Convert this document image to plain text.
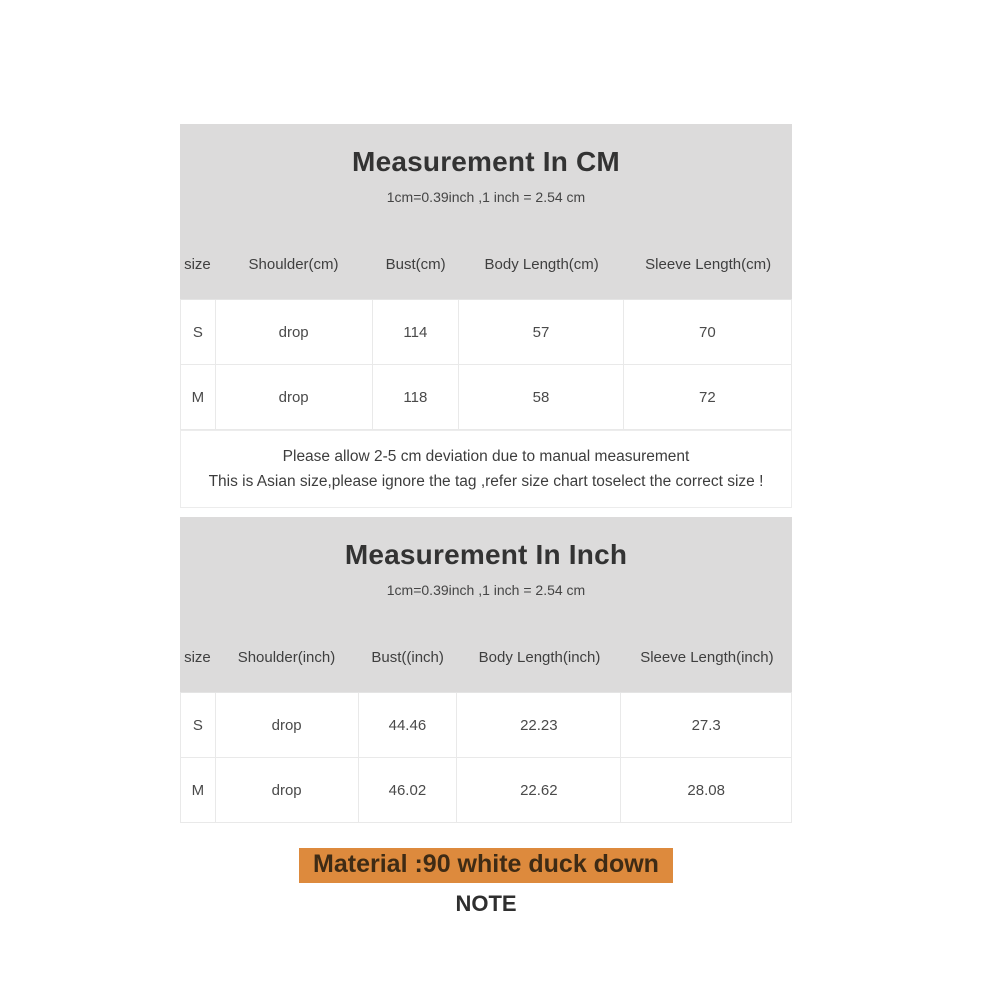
Measurement In CM
1cm=0.39inch ,1 inch = 2.54 cm
size	Shoulder(cm)	Bust(cm)	Body Length(cm)	Sleeve Length(cm)
S	drop	114	57	70
M	drop	118	58	72

Please allow 2-5 cm deviation due to manual measurement

This is Asian size,please ignore the tag ,refer size chart toselect the correct size !

Measurement In Inch
1cm=0.39inch ,1 inch = 2.54 cm
size	Shoulder(inch)	Bust((inch)	Body Length(inch)	Sleeve Length(inch)
S	drop	44.46	22.23	27.3
M	drop	46.02	22.62	28.08
Material :90 white duck down
NOTE
